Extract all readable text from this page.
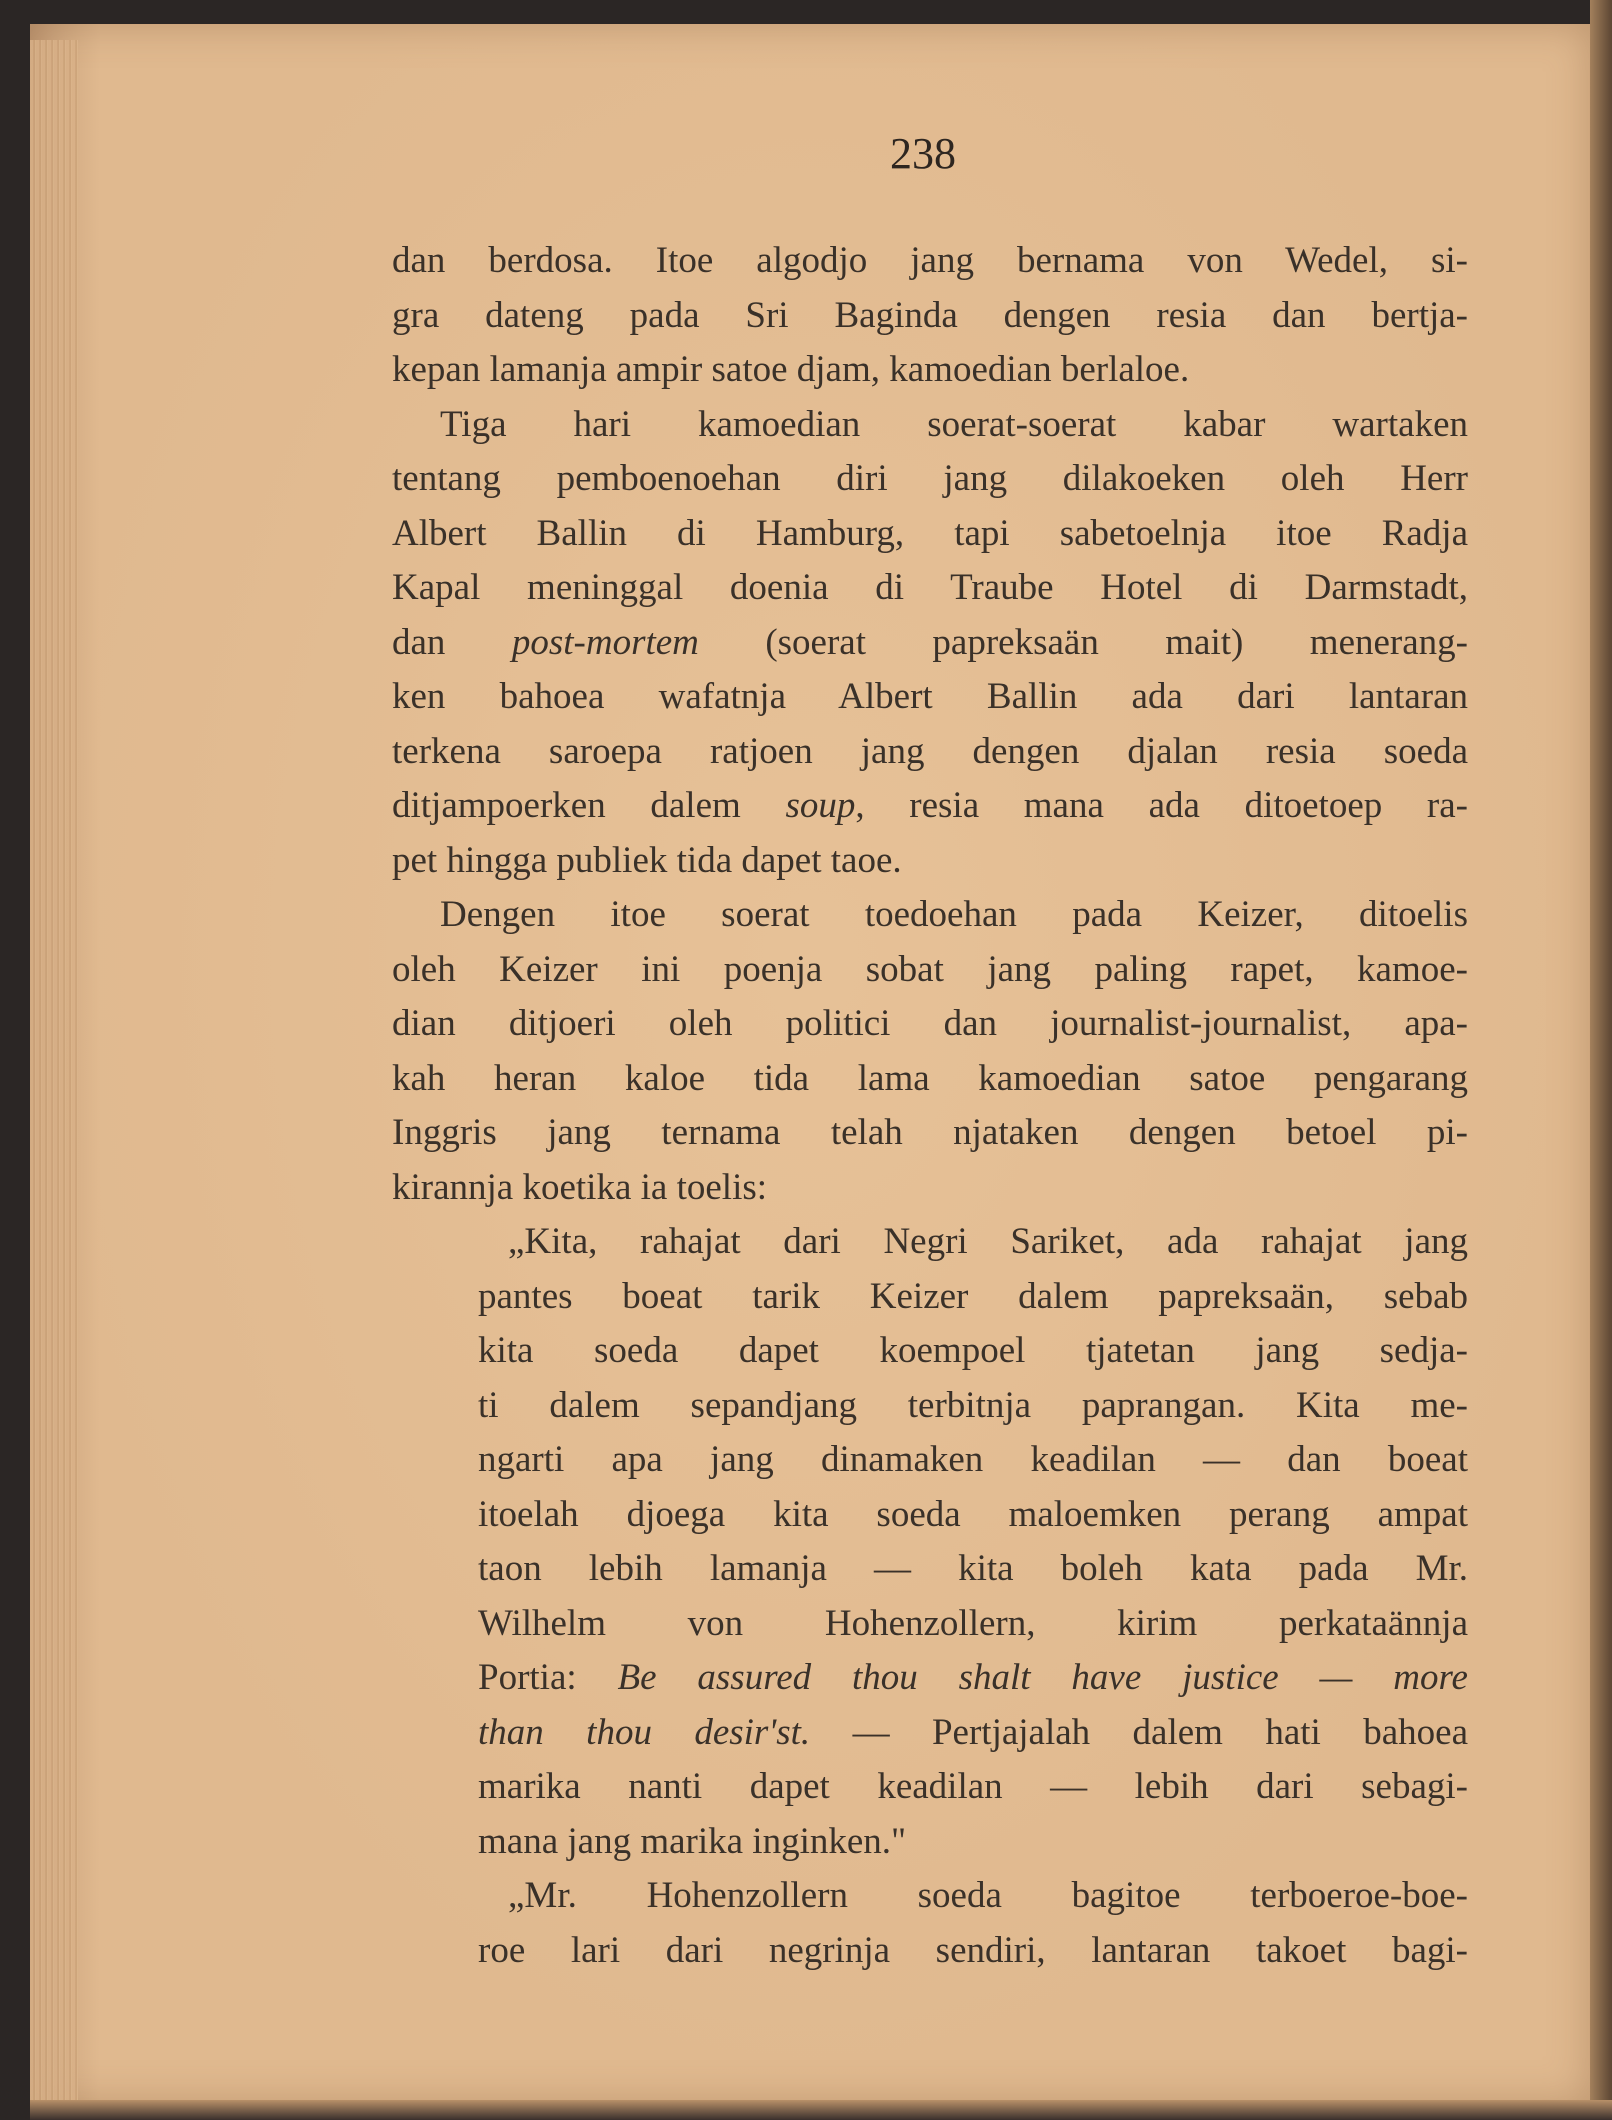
238
dan berdosa. Itoe algodjo jang bernama von Wedel, si-
gra dateng pada Sri Baginda dengen resia dan bertja-
kepan lamanja ampir satoe djam, kamoedian berlaloe.
Tiga hari kamoedian soerat-soerat kabar wartaken
tentang pemboenoehan diri jang dilakoeken oleh Herr
Albert Ballin di Hamburg, tapi sabetoelnja itoe Radja
Kapal meninggal doenia di Traube Hotel di Darmstadt,
dan post-mortem (soerat papreksaän mait) menerang-
ken bahoea wafatnja Albert Ballin ada dari lantaran
terkena saroepa ratjoen jang dengen djalan resia soeda
ditjampoerken dalem soup, resia mana ada ditoetoep ra-
pet hingga publiek tida dapet taoe.
Dengen itoe soerat toedoehan pada Keizer, ditoelis
oleh Keizer ini poenja sobat jang paling rapet, kamoe-
dian ditjoeri oleh politici dan journalist-journalist, apa-
kah heran kaloe tida lama kamoedian satoe pengarang
Inggris jang ternama telah njataken dengen betoel pi-
kirannja koetika ia toelis:
„Kita, rahajat dari Negri Sariket, ada rahajat jang
pantes boeat tarik Keizer dalem papreksaän, sebab
kita soeda dapet koempoel tjatetan jang sedja-
ti dalem sepandjang terbitnja paprangan. Kita me-
ngarti apa jang dinamaken keadilan — dan boeat
itoelah djoega kita soeda maloemken perang ampat
taon lebih lamanja — kita boleh kata pada Mr.
Wilhelm von Hohenzollern, kirim perkataännja
Portia: Be assured thou shalt have justice — more
than thou desir'st. — Pertjajalah dalem hati bahoea
marika nanti dapet keadilan — lebih dari sebagi-
mana jang marika inginken."
„Mr. Hohenzollern soeda bagitoe terboeroe-boe-
roe lari dari negrinja sendiri, lantaran takoet bagi-
